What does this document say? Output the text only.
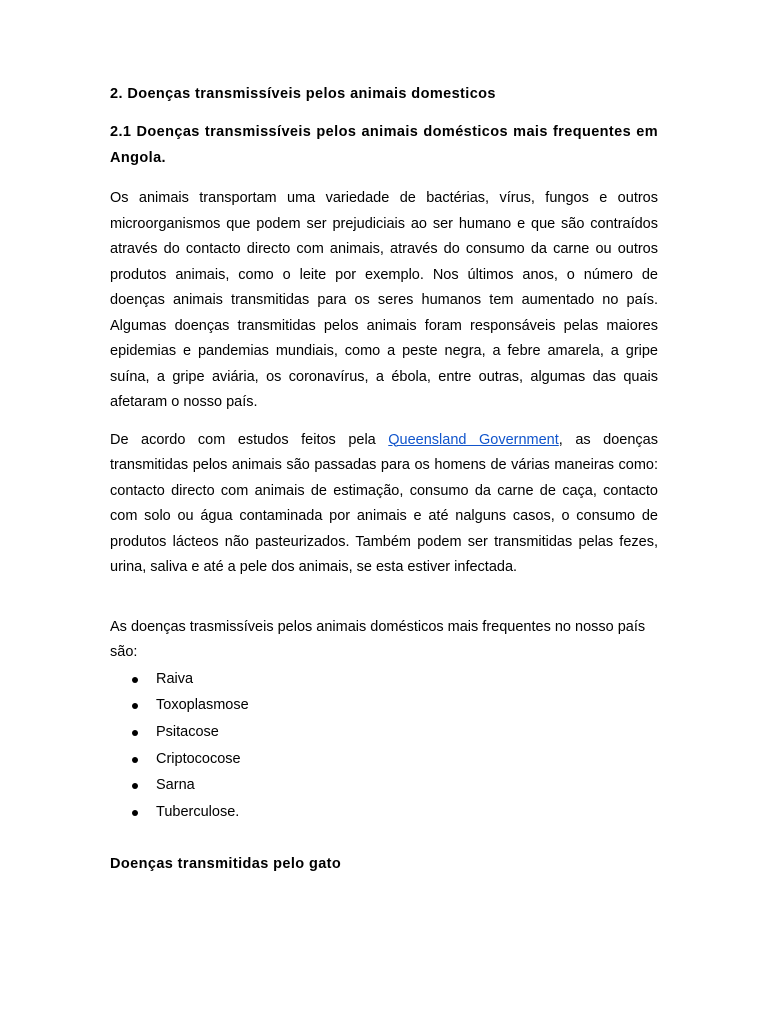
2. Doenças transmissíveis pelos animais domesticos
2.1 Doenças transmissíveis pelos animais domésticos mais frequentes em Angola.

Os animais transportam uma variedade de bactérias, vírus, fungos e outros microorganismos que podem ser prejudiciais ao ser humano e que são contraídos através do contacto directo com animais, através do consumo da carne ou outros produtos animais, como o leite por exemplo. Nos últimos anos, o número de doenças animais transmitidas para os seres humanos tem aumentado no país. Algumas doenças transmitidas pelos animais foram responsáveis pelas maiores epidemias e pandemias mundiais, como a peste negra, a febre amarela, a gripe suína, a gripe aviária, os coronavírus, a ébola, entre outras, algumas das quais afetaram o nosso país.

De acordo com estudos feitos pela Queensland Government, as doenças transmitidas pelos animais são passadas para os homens de várias maneiras como: contacto directo com animais de estimação, consumo da carne de caça, contacto com solo ou água contaminada por animais e até nalguns casos, o consumo de produtos lácteos não pasteurizados. Também podem ser transmitidas pelas fezes, urina, saliva e até a pele dos animais, se esta estiver infectada.

As doenças trasmissíveis pelos animais domésticos mais frequentes no nosso país são:

Raiva
Toxoplasmose
Psitacose
Criptococose
Sarna
Tuberculose.
Doenças transmitidas pelo gato
